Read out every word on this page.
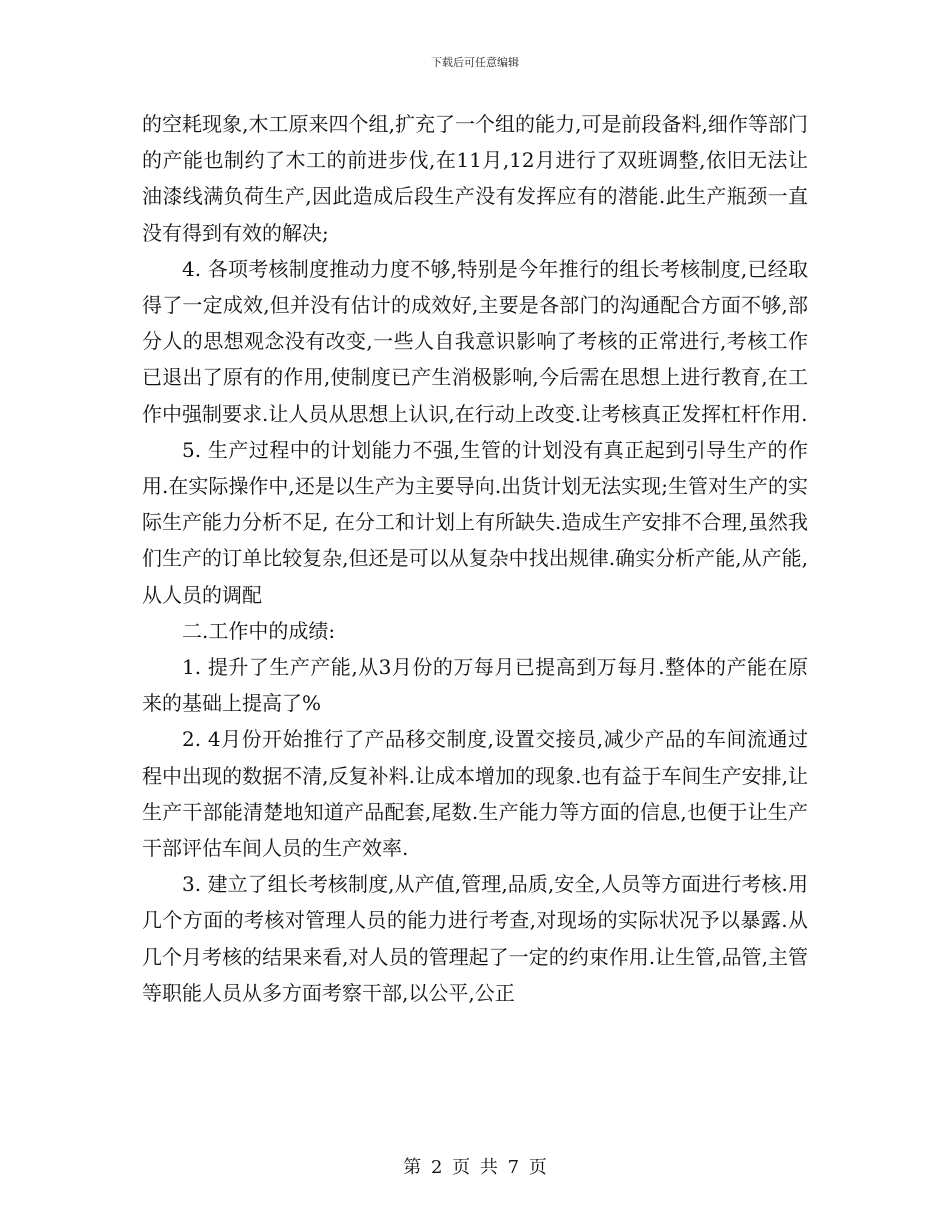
下载后可任意编辑

的空耗现象,木工原来四个组,扩充了一个组的能力,可是前段备料,细作等部门的产能也制约了木工的前进步伐,在11月,12月进行了双班调整,依旧无法让油漆线满负荷生产,因此造成后段生产没有发挥应有的潜能.此生产瓶颈一直没有得到有效的解决;

4. 各项考核制度推动力度不够,特别是今年推行的组长考核制度,已经取得了一定成效,但并没有估计的成效好,主要是各部门的沟通配合方面不够,部分人的思想观念没有改变,一些人自我意识影响了考核的正常进行,考核工作已退出了原有的作用,使制度已产生消极影响,今后需在思想上进行教育,在工作中强制要求.让人员从思想上认识,在行动上改变.让考核真正发挥杠杆作用.

5. 生产过程中的计划能力不强,生管的计划没有真正起到引导生产的作用.在实际操作中,还是以生产为主要导向.出货计划无法实现;生管对生产的实际生产能力分析不足, 在分工和计划上有所缺失.造成生产安排不合理,虽然我们生产的订单比较复杂,但还是可以从复杂中找出规律.确实分析产能,从产能,从人员的调配

二.工作中的成绩:

1. 提升了生产产能,从3月份的万每月已提高到万每月.整体的产能在原来的基础上提高了%

2. 4月份开始推行了产品移交制度,设置交接员,减少产品的车间流通过程中出现的数据不清,反复补料.让成本增加的现象.也有益于车间生产安排,让生产干部能清楚地知道产品配套,尾数.生产能力等方面的信息,也便于让生产干部评估车间人员的生产效率.

3. 建立了组长考核制度,从产值,管理,品质,安全,人员等方面进行考核.用几个方面的考核对管理人员的能力进行考查,对现场的实际状况予以暴露.从几个月考核的结果来看,对人员的管理起了一定的约束作用.让生管,品管,主管等职能人员从多方面考察干部,以公平,公正

第 2 页 共 7 页
